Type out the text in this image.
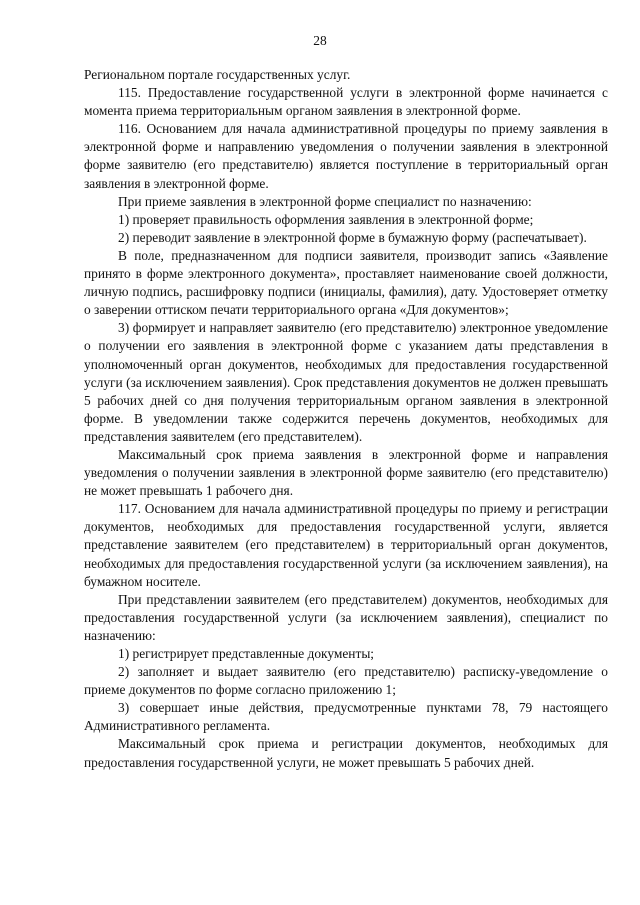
28

Региональном портале государственных услуг.

115. Предоставление государственной услуги в электронной форме начинается с момента приема территориальным органом заявления в электронной форме.

116. Основанием для начала административной процедуры по приему заявления в электронной форме и направлению уведомления о получении заявления в электронной форме заявителю (его представителю) является поступление в территориальный орган заявления в электронной форме.

При приеме заявления в электронной форме специалист по назначению:

1) проверяет правильность оформления заявления в электронной форме;

2) переводит заявление в электронной форме в бумажную форму (распечатывает).

В поле, предназначенном для подписи заявителя, производит запись «Заявление принято в форме электронного документа», проставляет наименование своей должности, личную подпись, расшифровку подписи (инициалы, фамилия), дату. Удостоверяет отметку о заверении оттиском печати территориального органа «Для документов»;

3) формирует и направляет заявителю (его представителю) электронное уведомление о получении его заявления в электронной форме с указанием даты представления в уполномоченный орган документов, необходимых для предоставления государственной услуги (за исключением заявления). Срок представления документов не должен превышать 5 рабочих дней со дня получения территориальным органом заявления в электронной форме. В уведомлении также содержится перечень документов, необходимых для представления заявителем (его представителем).

Максимальный срок приема заявления в электронной форме и направления уведомления о получении заявления в электронной форме заявителю (его представителю) не может превышать 1 рабочего дня.

117. Основанием для начала административной процедуры по приему и регистрации документов, необходимых для предоставления государственной услуги, является представление заявителем (его представителем) в территориальный орган документов, необходимых для предоставления государственной услуги (за исключением заявления), на бумажном носителе.

При представлении заявителем (его представителем) документов, необходимых для предоставления государственной услуги (за исключением заявления), специалист по назначению:

1) регистрирует представленные документы;

2) заполняет и выдает заявителю (его представителю) расписку-уведомление о приеме документов по форме согласно приложению 1;

3) совершает иные действия, предусмотренные пунктами 78, 79 настоящего Административного регламента.

Максимальный срок приема и регистрации документов, необходимых для предоставления государственной услуги, не может превышать 5 рабочих дней.
